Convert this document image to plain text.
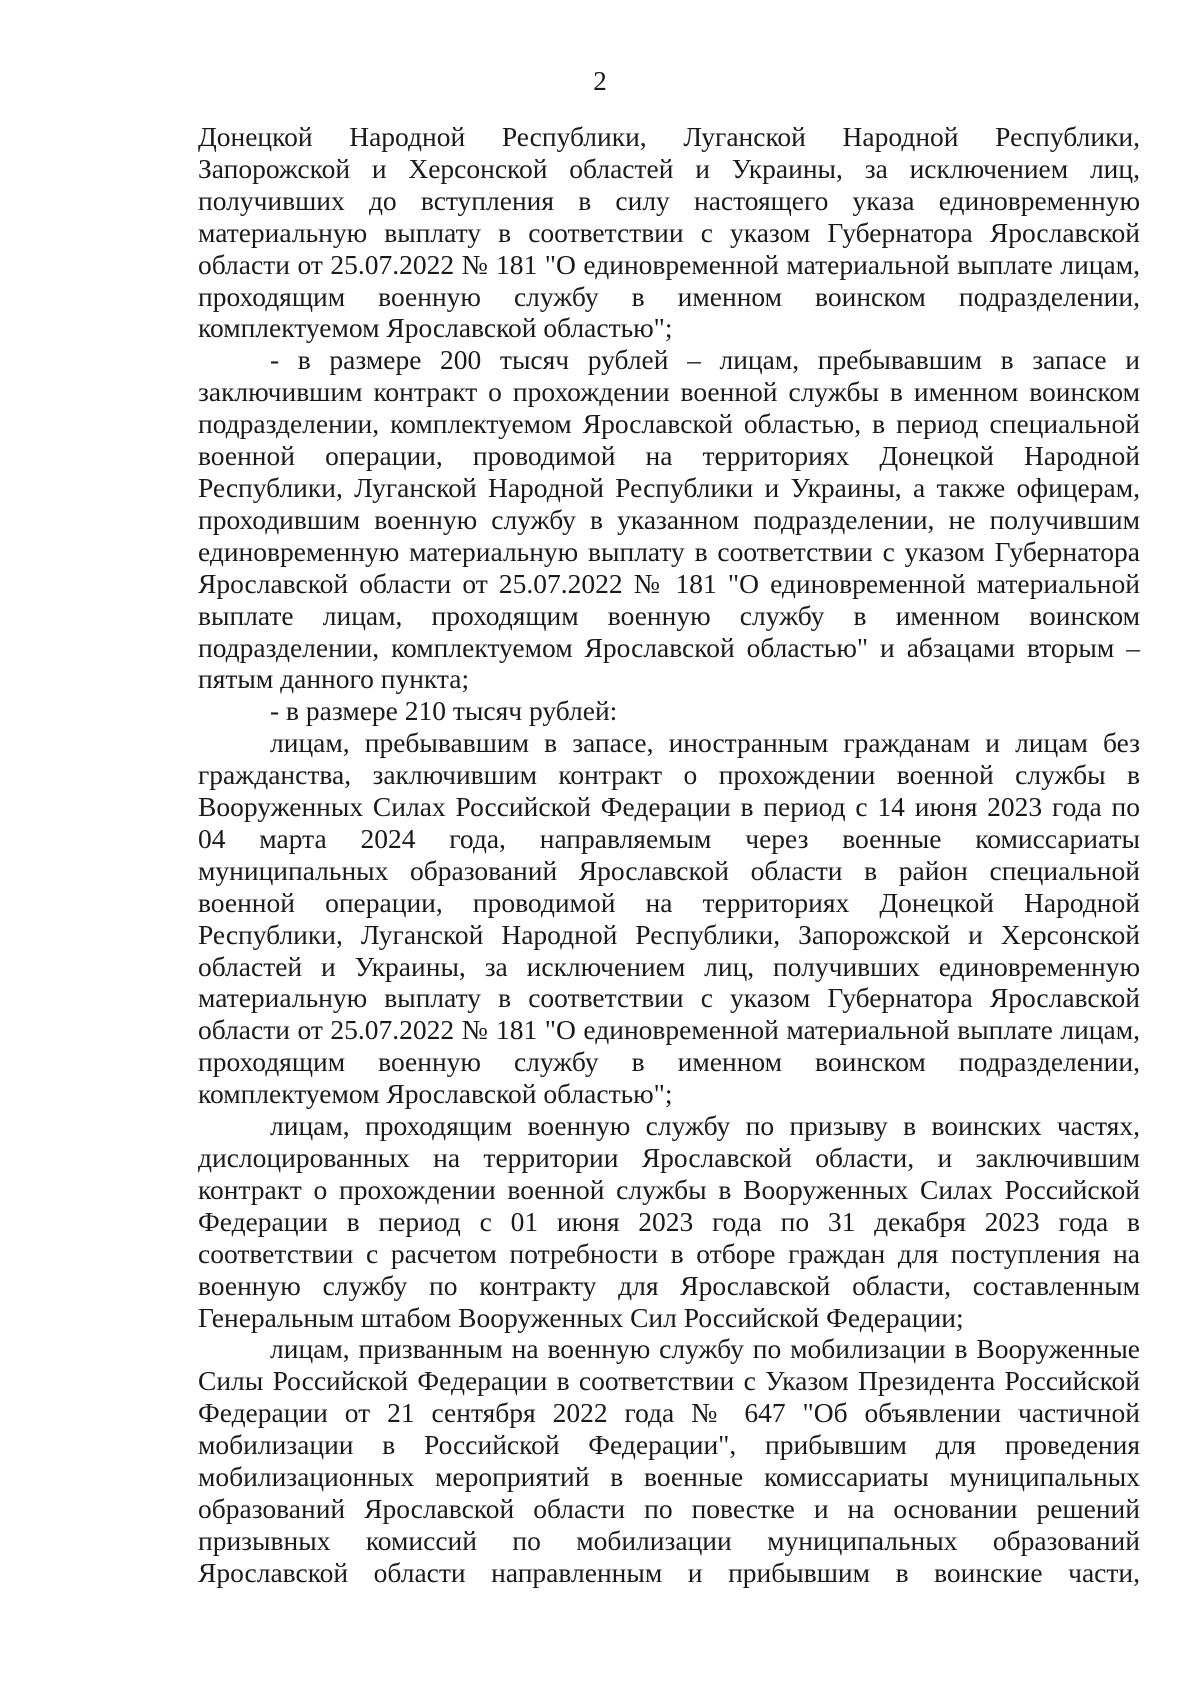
2

Донецкой Народной Республики, Луганской Народной Республики, Запорожской и Херсонской областей и Украины, за исключением лиц, получивших до вступления в силу настоящего указа единовременную материальную выплату в соответствии с указом Губернатора Ярославской области от 25.07.2022 № 181 "О единовременной материальной выплате лицам, проходящим военную службу в именном воинском подразделении, комплектуемом Ярославской областью";

- в размере 200 тысяч рублей – лицам, пребывавшим в запасе и заключившим контракт о прохождении военной службы в именном воинском подразделении, комплектуемом Ярославской областью, в период специальной военной операции, проводимой на территориях Донецкой Народной Республики, Луганской Народной Республики и Украины, а также офицерам, проходившим военную службу в указанном подразделении, не получившим единовременную материальную выплату в соответствии с указом Губернатора Ярославской области от 25.07.2022 № 181 "О единовременной материальной выплате лицам, проходящим военную службу в именном воинском подразделении, комплектуемом Ярославской областью" и абзацами вторым – пятым данного пункта;

- в размере 210 тысяч рублей:

лицам, пребывавшим в запасе, иностранным гражданам и лицам без гражданства, заключившим контракт о прохождении военной службы в Вооруженных Силах Российской Федерации в период с 14 июня 2023 года по 04 марта 2024 года, направляемым через военные комиссариаты муниципальных образований Ярославской области в район специальной военной операции, проводимой на территориях Донецкой Народной Республики, Луганской Народной Республики, Запорожской и Херсонской областей и Украины, за исключением лиц, получивших единовременную материальную выплату в соответствии с указом Губернатора Ярославской области от 25.07.2022 № 181 "О единовременной материальной выплате лицам, проходящим военную службу в именном воинском подразделении, комплектуемом Ярославской областью";

лицам, проходящим военную службу по призыву в воинских частях, дислоцированных на территории Ярославской области, и заключившим контракт о прохождении военной службы в Вооруженных Силах Российской Федерации в период с 01 июня 2023 года по 31 декабря 2023 года в соответствии с расчетом потребности в отборе граждан для поступления на военную службу по контракту для Ярославской области, составленным Генеральным штабом Вооруженных Сил Российской Федерации;

лицам, призванным на военную службу по мобилизации в Вооруженные Силы Российской Федерации в соответствии с Указом Президента Российской Федерации от 21 сентября 2022 года № 647 "Об объявлении частичной мобилизации в Российской Федерации", прибывшим для проведения мобилизационных мероприятий в военные комиссариаты муниципальных образований Ярославской области по повестке и на основании решений призывных комиссий по мобилизации муниципальных образований Ярославской области направленным и прибывшим в воинские части,
